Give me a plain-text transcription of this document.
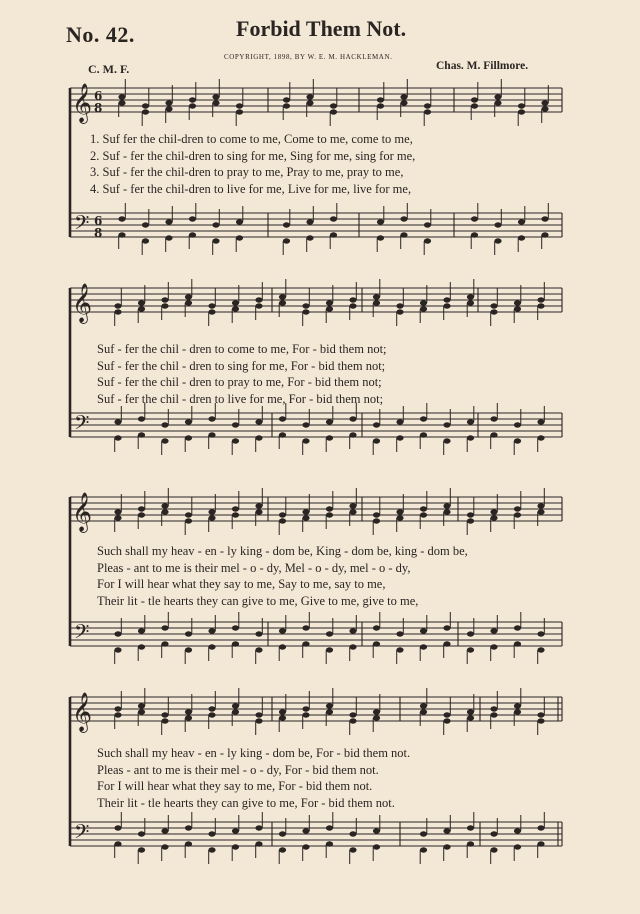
No. 42.	Forbid Them Not.
COPYRIGHT, 1898, BY W. E. M. HACKLEMAN.
C. M. F.	Chas. M. Fillmore.
𝄞
𝄢
6
8
6
8
1. Suf fer the chil-dren to come to me, Come to me, come to me,
2. Suf - fer the chil-dren to sing for me, Sing for me, sing for me,
3. Suf - fer the chil-dren to pray to me, Pray to me, pray to me,
4. Suf - fer the chil-dren to live for me, Live for me, live for me,
𝄞
𝄢
Suf - fer the chil - dren to come to me, For - bid them not;
Suf - fer the chil - dren to sing for me, For - bid them not;
Suf - fer the chil - dren to pray to me, For - bid them not;
Suf - fer the chil - dren to live for me, For - bid them not;
𝄞
𝄢
Such shall my heav - en - ly king - dom be, King - dom be, king - dom be,
Pleas - ant to me is their mel - o - dy, Mel - o - dy, mel - o - dy,
For I will hear what they say to me, Say to me, say to me,
Their lit - tle hearts they can give to me, Give to me, give to me,
𝄞
𝄢
Such shall my heav - en - ly king - dom be, For - bid them not.
Pleas - ant to me is their mel - o - dy, For - bid them not.
For I will hear what they say to me, For - bid them not.
Their lit - tle hearts they can give to me, For - bid them not.
